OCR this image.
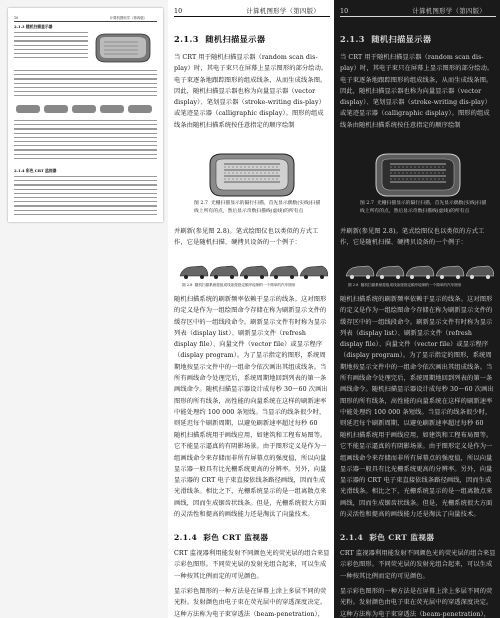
10	计算机图形学（第四版）
2.1.3 随机扫描显示器
2.1.4 彩色 CRT 监视器
10	计算机图形学（第四版）
2.1.3 随机扫描显示器
当 CRT 用于随机扫描显示器（random scan dis-play）时，其电子束只在屏幕上显示图形的部分绘动。电子束逐条地跟踪图形的组成线条，从而生成线条图。因此，随机扫描显示器也称为向量显示器（vector display）、笔划显示器（stroke-writing dis-play）或笔迹显示器（calligraphic display）。图形的组成线条由随机扫描系统按任意指定的顺序绘制
图 2.7  光栅扫描显示的隔行扫描，首先显示偶数(实线)扫描线上所有的点，然后显示奇数扫描线(虚线)的所有点
并刷新(参见图 2.8)。笔式绘图仪也以类似的方式工作，它是随机扫描、硬拷贝设备的一个例子：
图 2.8  随机扫描系统将组成线条按指定顺序绘制的一个简单的汽车图形
随机扫描系统的刷新频率依赖于显示的线条。这对图形的定义是作为一组绘图命令存储在称为刷新显示文件的缓存区中的一组线段命令。刷新显示文件有时称为显示列表（display list）、刷新显示文件（refresh display file）、向量文件（vector file）或显示程序（display program）。为了显示指定的图形，系统周期地按显示文件中的一组命令依次画出其组成线条。当所有画线命令处理完后，系统周期地回到列表的第一条画线命令。随机扫描显示器设计成每秒 30～60 次画出图形的所有线条，高性能的向量系统在这样的刷新速率中能处理约 100 000 条短线。当显示的线条很少时，则延迟每个刷新周期，以避免刷新速率超过每秒 60
随机扫描系统用于画线应用，如建筑和工程布局图等。它不能显示逼真的有阴影场景。由于图形定义是作为一组画线命令来存储而非所有屏幕点的强度值，所以向量显示器一般具有比光栅系统更高的分辨率。另外，向量显示器的 CRT 电子束直接依线条路径画线，因而生成光滑线条。相比之下，光栅系统显示的是一组离散点来画线，因而生成锯齿状线条。但是，光栅系统很大方面的灵活性和提高的画线能力还是淘汰了向量技术。
2.1.4 彩色 CRT 监视器
CRT 监视器利用能发射不同颜色光的荧光层的组合来显示彩色图形。不同荧光层的发射光组合起来，可以生成一种按其比例而定的可见颜色。
显示彩色图形的一种方法是在屏幕上涂上多层不同的荧光粉。发射颜色由电子束在荧光层中的穿透深度决定。这种方法称为电子束穿透法（beam-penetration），
10	计算机图形学（第四版）
2.1.3 随机扫描显示器
当 CRT 用于随机扫描显示器（random scan dis-play）时，其电子束只在屏幕上显示图形的部分绘动。电子束逐条地跟踪图形的组成线条，从而生成线条图。因此，随机扫描显示器也称为向量显示器（vector display）、笔划显示器（stroke-writing dis-play）或笔迹显示器（calligraphic display）。图形的组成线条由随机扫描系统按任意指定的顺序绘制
图 2.7  光栅扫描显示的隔行扫描，首先显示偶数(实线)扫描线上所有的点，然后显示奇数扫描线(虚线)的所有点
并刷新(参见图 2.8)。笔式绘图仪也以类似的方式工作，它是随机扫描、硬拷贝设备的一个例子：
图 2.8  随机扫描系统将组成线条按指定顺序绘制的一个简单的汽车图形
随机扫描系统的刷新频率依赖于显示的线条。这对图形的定义是作为一组绘图命令存储在称为刷新显示文件的缓存区中的一组线段命令。刷新显示文件有时称为显示列表（display list）、刷新显示文件（refresh display file）、向量文件（vector file）或显示程序（display program）。为了显示指定的图形，系统周期地按显示文件中的一组命令依次画出其组成线条。当所有画线命令处理完后，系统周期地回到列表的第一条画线命令。随机扫描显示器设计成每秒 30～60 次画出图形的所有线条，高性能的向量系统在这样的刷新速率中能处理约 100 000 条短线。当显示的线条很少时，则延迟每个刷新周期，以避免刷新速率超过每秒 60
随机扫描系统用于画线应用，如建筑和工程布局图等。它不能显示逼真的有阴影场景。由于图形定义是作为一组画线命令来存储而非所有屏幕点的强度值，所以向量显示器一般具有比光栅系统更高的分辨率。另外，向量显示器的 CRT 电子束直接依线条路径画线，因而生成光滑线条。相比之下，光栅系统显示的是一组离散点来画线，因而生成锯齿状线条。但是，光栅系统很大方面的灵活性和提高的画线能力还是淘汰了向量技术。
2.1.4 彩色 CRT 监视器
CRT 监视器利用能发射不同颜色光的荧光层的组合来显示彩色图形。不同荧光层的发射光组合起来，可以生成一种按其比例而定的可见颜色。
显示彩色图形的一种方法是在屏幕上涂上多层不同的荧光粉。发射颜色由电子束在荧光层中的穿透深度决定。这种方法称为电子束穿透法（beam-penetration），
